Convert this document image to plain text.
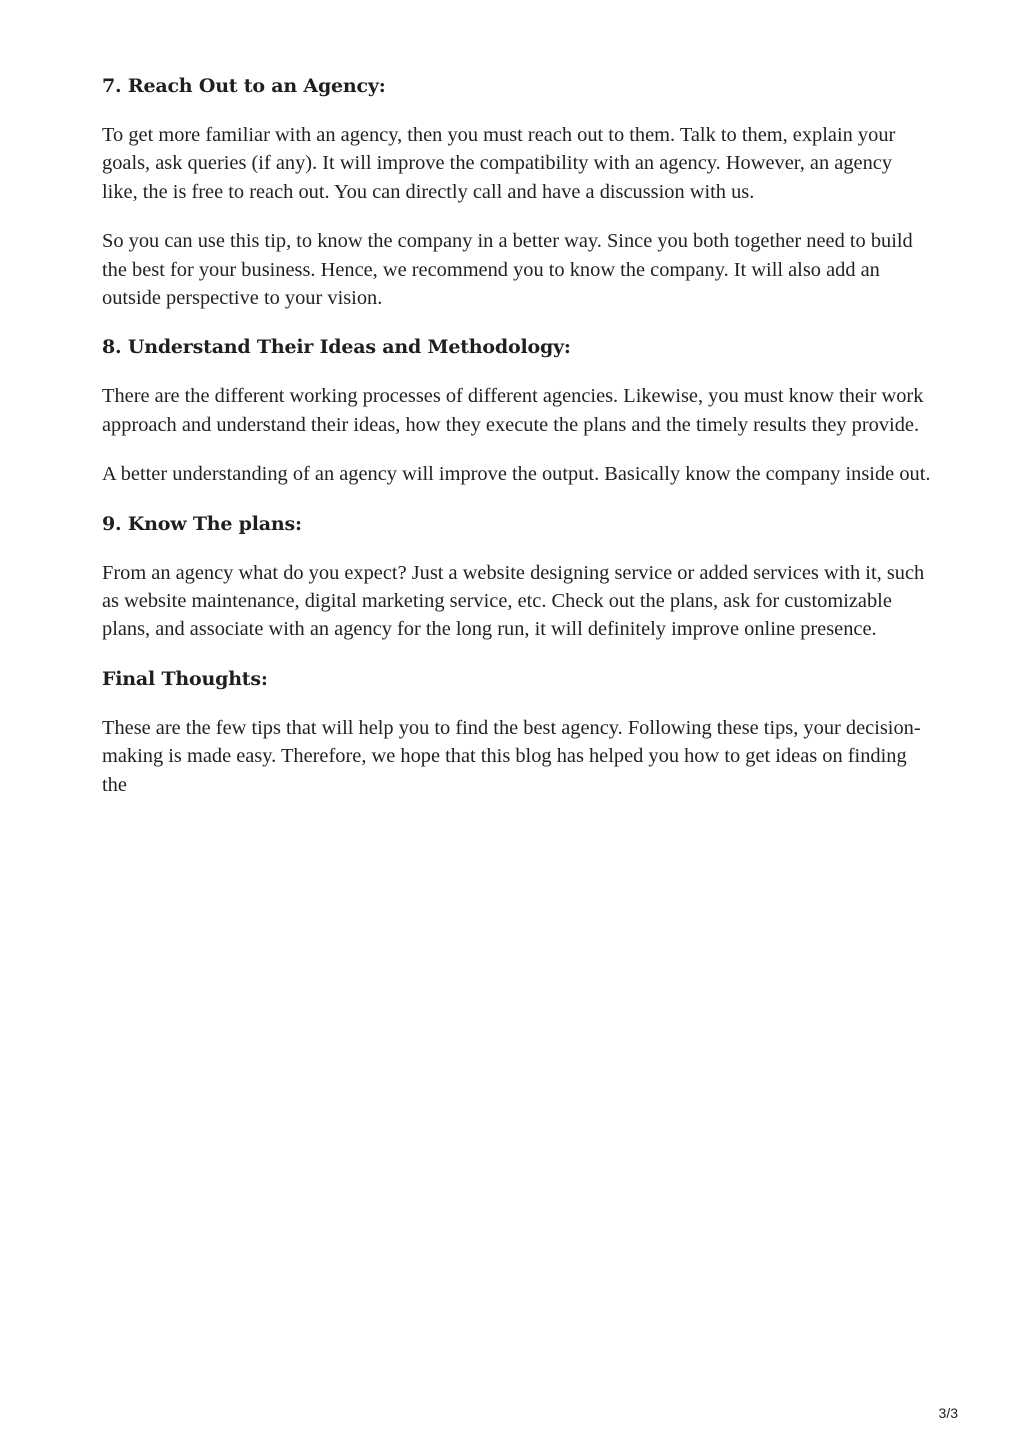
7. Reach Out to an Agency:

To get more familiar with an agency, then you must reach out to them. Talk to them, explain your goals, ask queries (if any). It will improve the compatibility with an agency. However, an agency like, the is free to reach out. You can directly call and have a discussion with us.

So you can use this tip, to know the company in a better way. Since you both together need to build the best for your business. Hence, we recommend you to know the company. It will also add an outside perspective to your vision.

8. Understand Their Ideas and Methodology:

There are the different working processes of different agencies. Likewise, you must know their work approach and understand their ideas, how they execute the plans and the timely results they provide.

A better understanding of an agency will improve the output. Basically know the company inside out.

9. Know The plans:

From an agency what do you expect? Just a website designing service or added services with it, such as website maintenance, digital marketing service, etc. Check out the plans, ask for customizable plans, and associate with an agency for the long run, it will definitely improve online presence.

Final Thoughts:

These are the few tips that will help you to find the best agency. Following these tips, your decision-making is made easy. Therefore, we hope that this blog has helped you how to get ideas on finding the

3/3
